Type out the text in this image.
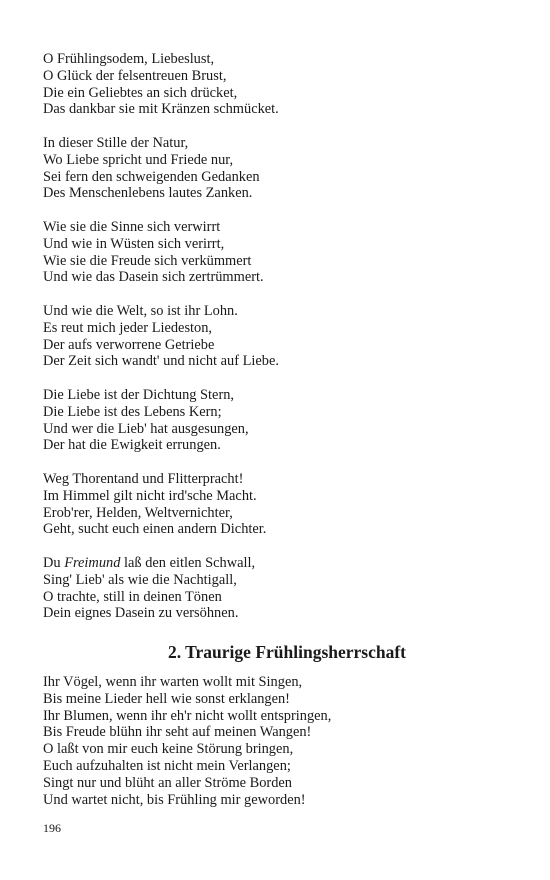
O Frühlingsodem, Liebeslust,
O Glück der felsentreuen Brust,
Die ein Geliebtes an sich drücket,
Das dankbar sie mit Kränzen schmücket.
In dieser Stille der Natur,
Wo Liebe spricht und Friede nur,
Sei fern den schweigenden Gedanken
Des Menschenlebens lautes Zanken.
Wie sie die Sinne sich verwirrt
Und wie in Wüsten sich verirrt,
Wie sie die Freude sich verkümmert
Und wie das Dasein sich zertrümmert.
Und wie die Welt, so ist ihr Lohn.
Es reut mich jeder Liedeston,
Der aufs verworrene Getriebe
Der Zeit sich wandt' und nicht auf Liebe.
Die Liebe ist der Dichtung Stern,
Die Liebe ist des Lebens Kern;
Und wer die Lieb' hat ausgesungen,
Der hat die Ewigkeit errungen.
Weg Thorentand und Flitterpracht!
Im Himmel gilt nicht ird'sche Macht.
Erob'rer, Helden, Weltvernichter,
Geht, sucht euch einen andern Dichter.
Du Freimund laß den eitlen Schwall,
Sing' Lieb' als wie die Nachtigall,
O trachte, still in deinen Tönen
Dein eignes Dasein zu versöhnen.
2. Traurige Frühlingsherrschaft
Ihr Vögel, wenn ihr warten wollt mit Singen,
Bis meine Lieder hell wie sonst erklangen!
Ihr Blumen, wenn ihr eh'r nicht wollt entspringen,
Bis Freude blühn ihr seht auf meinen Wangen!
O laßt von mir euch keine Störung bringen,
Euch aufzuhalten ist nicht mein Verlangen;
Singt nur und blüht an aller Ströme Borden
Und wartet nicht, bis Frühling mir geworden!
196
